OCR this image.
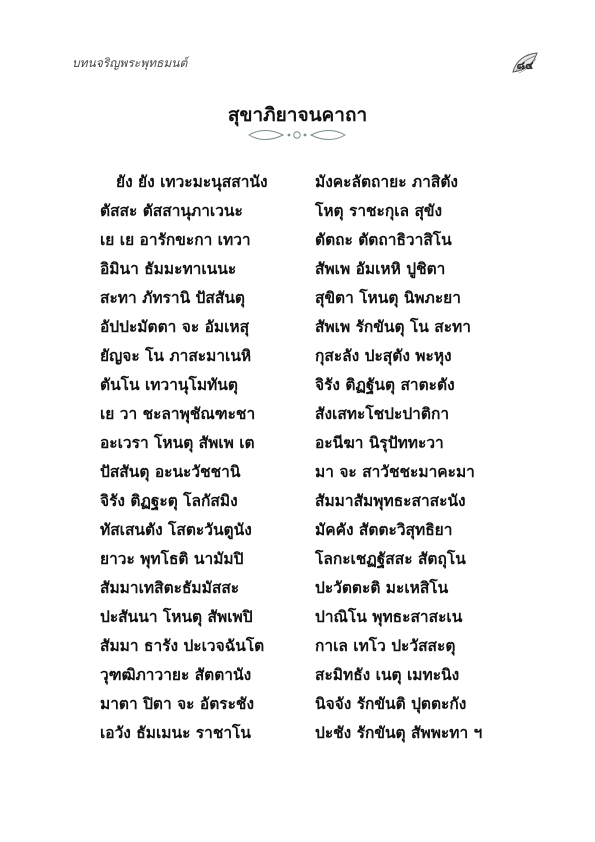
บทนจริญพระพุทธมนต์	๘๔
สุขาภิยาจนคาถา
ยัง ยัง เทวะมะนุสสานัง	มังคะลัตถายะ ภาสิตัง
ตัสสะ ตัสสานุภาเวนะ	โหตุ ราชะกุเล สุขัง
เย เย อารักขะกา เทวา	ตัตถะ ตัตถาธิวาสิโน
อิมินา ธัมมะทาเนนะ	สัพเพ อัมเหหิ ปูชิตา
สะทา ภัทรานิ ปัสสันตุ	สุขิตา โหนตุ นิพภะยา
อัปปะมัตตา จะ อัมเหสุ	สัพเพ รักขันตุ โน สะทา
ยัญจะ โน ภาสะมาเนหิ	กุสะลัง ปะสุตัง พะหุง
ตันโน เทวานุโมทันตุ	จิรัง ติฏฐันตุ สาตะตัง
เย วา ชะลาพุชัณฑะชา	สังเสทะโชปะปาติกา
อะเวรา โหนตุ สัพเพ เต	อะนีฆา นิรุปัททะวา
ปัสสันตุ อะนะวัชชานิ	มา จะ สาวัชชะมาคะมา
จิรัง ติฏฐะตุ โลกัสมิง	สัมมาสัมพุทธะสาสะนัง
ทัสเสนตัง โสตะวันตูนัง	มัคคัง สัตตะวิสุทธิยา
ยาวะ พุทโธติ นามัมปิ	โลกะเชฏฐัสสะ สัตถุโน
สัมมาเทสิตะธัมมัสสะ	ปะวัตตะติ มะเหสิโน
ปะสันนา โหนตุ สัพเพปิ	ปาณิโน พุทธะสาสะเน
สัมมา ธารัง ปะเวจฉันโต	กาเล เทโว ปะวัสสะตุ
วุฑฒิภาวายะ สัตตานัง	สะมิทธัง เนตุ เมทะนิง
มาตา ปิตา จะ อัตระชัง	นิจจัง รักขันติ ปุตตะกัง
เอวัง ธัมเมนะ ราชาโน	ปะชัง รักขันตุ สัพพะทา ฯ
